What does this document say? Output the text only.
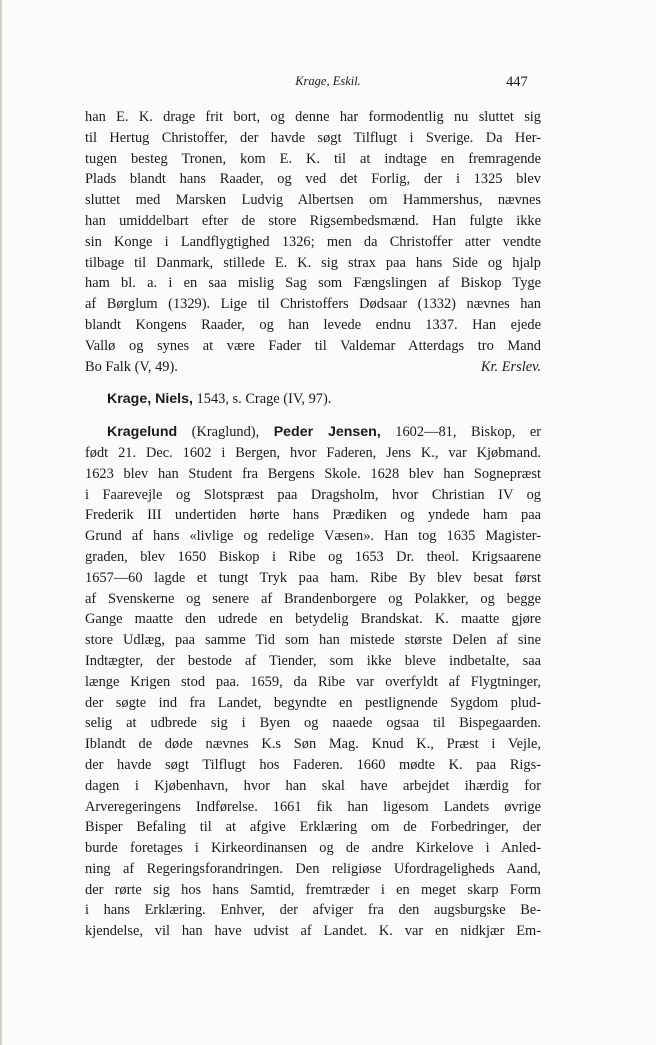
Krage, Eskil.	447
han E. K. drage frit bort, og denne har formodentlig nu sluttet sig
til Hertug Christoffer, der havde søgt Tilflugt i Sverige. Da Her-
tugen besteg Tronen, kom E. K. til at indtage en fremragende
Plads blandt hans Raader, og ved det Forlig, der i 1325 blev
sluttet med Marsken Ludvig Albertsen om Hammershus, nævnes
han umiddelbart efter de store Rigsembedsmænd. Han fulgte ikke
sin Konge i Landflygtighed 1326; men da Christoffer atter vendte
tilbage til Danmark, stillede E. K. sig strax paa hans Side og hjalp
ham bl. a. i en saa mislig Sag som Fængslingen af Biskop Tyge
af Børglum (1329). Lige til Christoffers Dødsaar (1332) nævnes han
blandt Kongens Raader, og han levede endnu 1337. Han ejede
Vallø og synes at være Fader til Valdemar Atterdags tro Mand
Bo Falk (V, 49).	Kr. Erslev.
Krage, Niels, 1543, s. Crage (IV, 97).
Kragelund (Kraglund), Peder Jensen, 1602—81, Biskop, er
født 21. Dec. 1602 i Bergen, hvor Faderen, Jens K., var Kjøbmand.
1623 blev han Student fra Bergens Skole. 1628 blev han Sognepræst
i Faarevejle og Slotspræst paa Dragsholm, hvor Christian IV og
Frederik III undertiden hørte hans Prædiken og yndede ham paa
Grund af hans «livlige og redelige Væsen». Han tog 1635 Magister-
graden, blev 1650 Biskop i Ribe og 1653 Dr. theol. Krigsaarene
1657—60 lagde et tungt Tryk paa ham. Ribe By blev besat først
af Svenskerne og senere af Brandenborgere og Polakker, og begge
Gange maatte den udrede en betydelig Brandskat. K. maatte gjøre
store Udlæg, paa samme Tid som han mistede største Delen af sine
Indtægter, der bestode af Tiender, som ikke bleve indbetalte, saa
længe Krigen stod paa. 1659, da Ribe var overfyldt af Flygtninger,
der søgte ind fra Landet, begyndte en pestlignende Sygdom plud-
selig at udbrede sig i Byen og naaede ogsaa til Bispegaarden.
Iblandt de døde nævnes K.s Søn Mag. Knud K., Præst i Vejle,
der havde søgt Tilflugt hos Faderen. 1660 mødte K. paa Rigs-
dagen i Kjøbenhavn, hvor han skal have arbejdet ihærdig for
Arveregeringens Indførelse. 1661 fik han ligesom Landets øvrige
Bisper Befaling til at afgive Erklæring om de Forbedringer, der
burde foretages i Kirkeordinansen og de andre Kirkelove i Anled-
ning af Regeringsforandringen. Den religiøse Ufordrageligheds Aand,
der rørte sig hos hans Samtid, fremtræder i en meget skarp Form
i hans Erklæring. Enhver, der afviger fra den augsburgske Be-
kjendelse, vil han have udvist af Landet. K. var en nidkjær Em-
